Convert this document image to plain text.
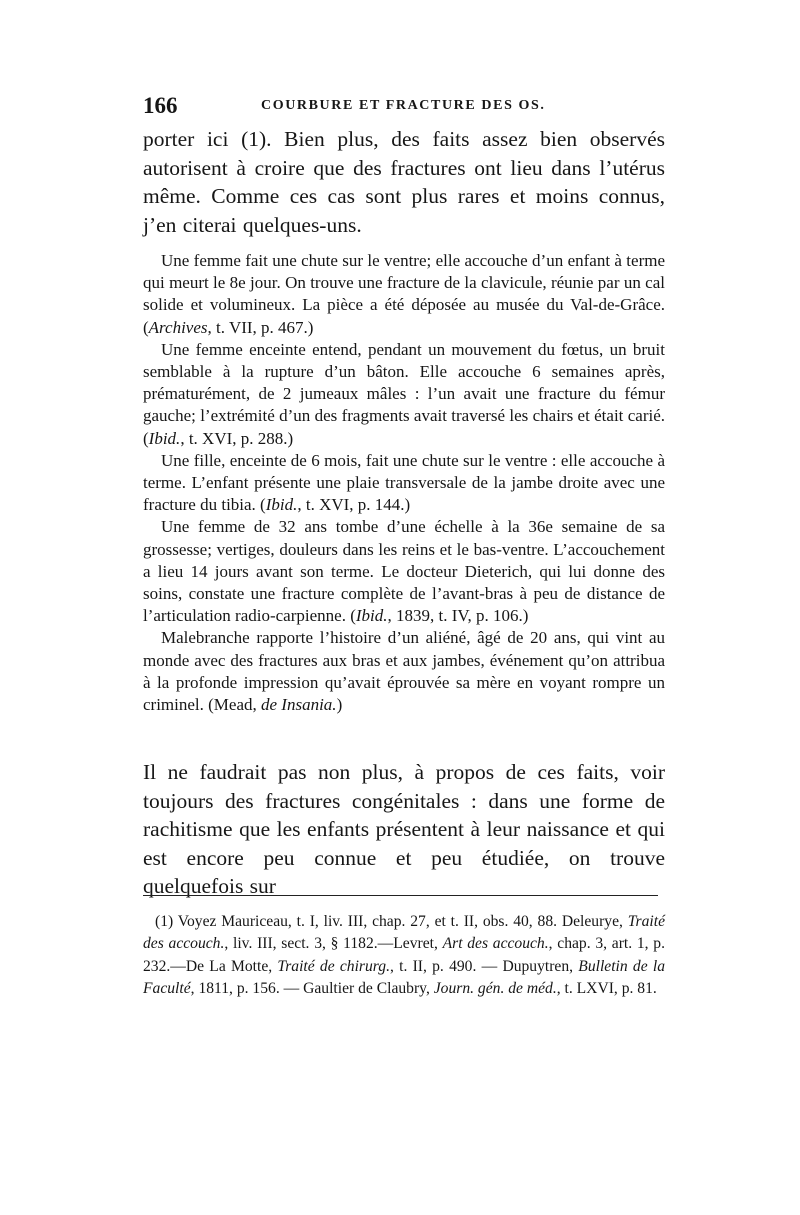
166	COURBURE ET FRACTURE DES OS.

porter ici (1). Bien plus, des faits assez bien observés autorisent à croire que des fractures ont lieu dans l’utérus même. Comme ces cas sont plus rares et moins connus, j’en citerai quelques-uns.

Une femme fait une chute sur le ventre; elle accouche d’un enfant à terme qui meurt le 8e jour. On trouve une fracture de la clavicule, réunie par un cal solide et volumineux. La pièce a été déposée au musée du Val-de-Grâce. (Archives, t. VII, p. 467.)

Une femme enceinte entend, pendant un mouvement du fœtus, un bruit semblable à la rupture d’un bâton. Elle accouche 6 semaines après, prématurément, de 2 jumeaux mâles : l’un avait une fracture du fémur gauche; l’extrémité d’un des fragments avait traversé les chairs et était carié. (Ibid., t. XVI, p. 288.)

Une fille, enceinte de 6 mois, fait une chute sur le ventre : elle accouche à terme. L’enfant présente une plaie transversale de la jambe droite avec une fracture du tibia. (Ibid., t. XVI, p. 144.)

Une femme de 32 ans tombe d’une échelle à la 36e semaine de sa grossesse; vertiges, douleurs dans les reins et le bas-ventre. L’accouchement a lieu 14 jours avant son terme. Le docteur Dieterich, qui lui donne des soins, constate une fracture complète de l’avant-bras à peu de distance de l’articulation radio-carpienne. (Ibid., 1839, t. IV, p. 106.)

Malebranche rapporte l’histoire d’un aliéné, âgé de 20 ans, qui vint au monde avec des fractures aux bras et aux jambes, événement qu’on attribua à la profonde impression qu’avait éprouvée sa mère en voyant rompre un criminel. (Mead, de Insania.)

Il ne faudrait pas non plus, à propos de ces faits, voir toujours des fractures congénitales : dans une forme de rachitisme que les enfants présentent à leur naissance et qui est encore peu connue et peu étudiée, on trouve quelquefois sur

(1) Voyez Mauriceau, t. I, liv. III, chap. 27, et t. II, obs. 40, 88. Deleurye, Traité des accouch., liv. III, sect. 3, § 1182.—Levret, Art des accouch., chap. 3, art. 1, p. 232.—De La Motte, Traité de chirurg., t. II, p. 490. — Dupuytren, Bulletin de la Faculté, 1811, p. 156. — Gaultier de Claubry, Journ. gén. de méd., t. LXVI, p. 81.
